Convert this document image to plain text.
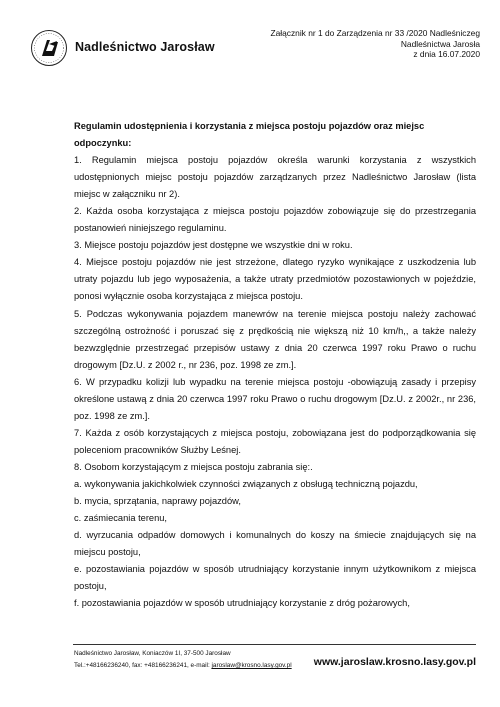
Nadleśnictwo Jarosław
Załącznik nr 1 do Zarządzenia nr 33 /2020 Nadleśniczeg
Nadleśnictwa Jarosła
z dnia 16.07.2020

Regulamin udostępnienia i korzystania z miejsca postoju pojazdów oraz miejsc odpoczynku:

1. Regulamin miejsca postoju pojazdów określa warunki korzystania z wszystkich udostępnionych miejsc postoju pojazdów zarządzanych przez Nadleśnictwo Jarosław (lista miejsc w załączniku nr 2).

2. Każda osoba korzystająca z miejsca postoju pojazdów zobowiązuje się do przestrzegania postanowień niniejszego regulaminu.

3. Miejsce postoju pojazdów jest dostępne we wszystkie dni w roku.

4. Miejsce postoju pojazdów nie jest strzeżone, dlatego ryzyko wynikające z uszkodzenia lub utraty pojazdu lub jego wyposażenia, a także utraty przedmiotów pozostawionych w pojeździe, ponosi wyłącznie osoba korzystająca z miejsca postoju.

5. Podczas wykonywania pojazdem manewrów na terenie miejsca postoju należy zachować szczególną ostrożność i poruszać się z prędkością nie większą niż 10 km/h,, a także należy bezwzględnie przestrzegać przepisów ustawy z dnia 20 czerwca 1997 roku Prawo o ruchu drogowym [Dz.U. z 2002 r., nr 236, poz. 1998 ze zm.].

6. W przypadku kolizji lub wypadku na terenie miejsca postoju -obowiązują zasady i przepisy określone ustawą z dnia 20 czerwca 1997 roku Prawo o ruchu drogowym [Dz.U. z 2002r., nr 236, poz. 1998 ze zm.].

7. Każda z osób korzystających z miejsca postoju, zobowiązana jest do podporządkowania się poleceniom pracowników Służby Leśnej.

8. Osobom korzystającym z miejsca postoju zabrania się:.

a. wykonywania jakichkolwiek czynności związanych z obsługą techniczną pojazdu,

b. mycia, sprzątania, naprawy pojazdów,

c. zaśmiecania terenu,

d. wyrzucania odpadów domowych i komunalnych do koszy na śmiecie znajdujących się na miejscu postoju,

e. pozostawiania pojazdów w sposób utrudniający korzystanie innym użytkownikom z miejsca postoju,

f. pozostawiania pojazdów w sposób utrudniający korzystanie z dróg pożarowych,

Nadleśnictwo Jarosław, Koniaczów 1I, 37-500 Jarosław
Tel.:+48166236240, fax: +48166236241, e-mail: jaroslaw@krosno.lasy.gov.pl www.jaroslaw.krosno.lasy.gov.pl
